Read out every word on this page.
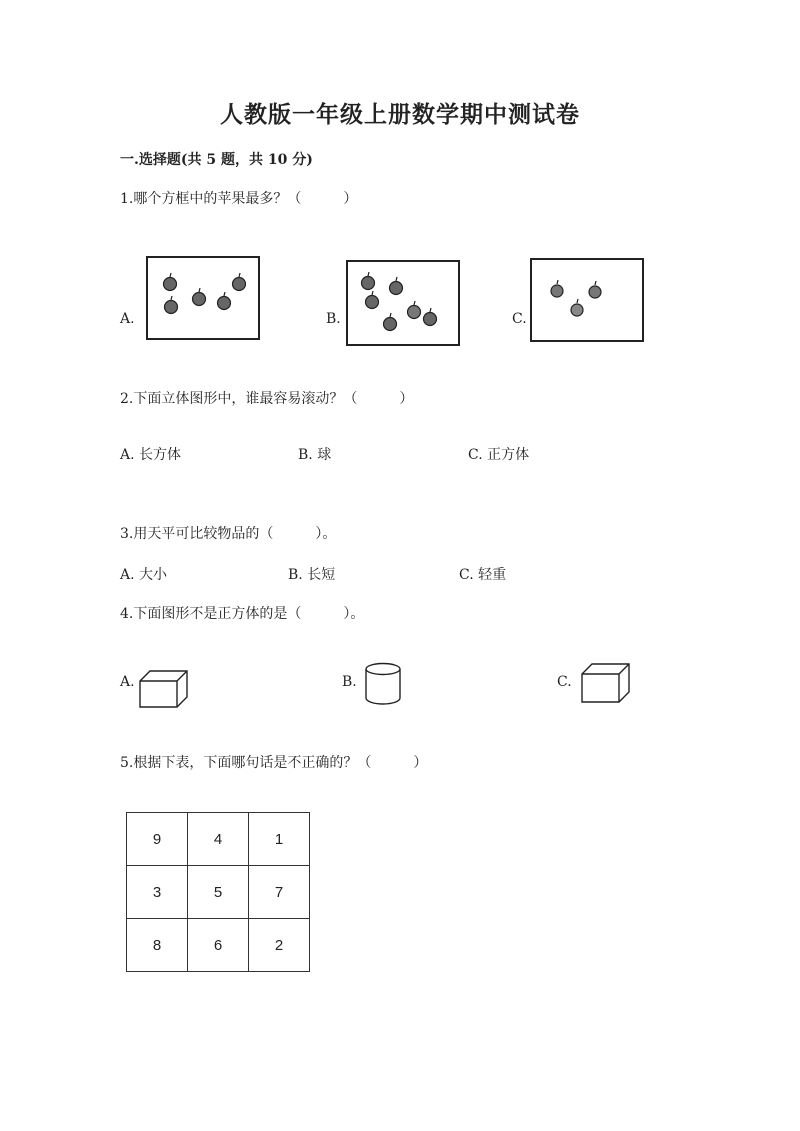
人教版一年级上册数学期中测试卷
一.选择题(共 5 题，共 10 分)
1.哪个方框中的苹果最多？（　　　）
A.	B.	C.
2.下面立体图形中，谁最容易滚动？（　　　）
A. 长方体	B. 球	C. 正方体
3.用天平可比较物品的（　　　）。
A. 大小	B. 长短	C. 轻重
4.下面图形不是正方体的是（　　　）。
A.	B.	C.
5.根据下表，下面哪句话是不正确的？（　　　）
9	4	1
3	5	7
8	6	2
